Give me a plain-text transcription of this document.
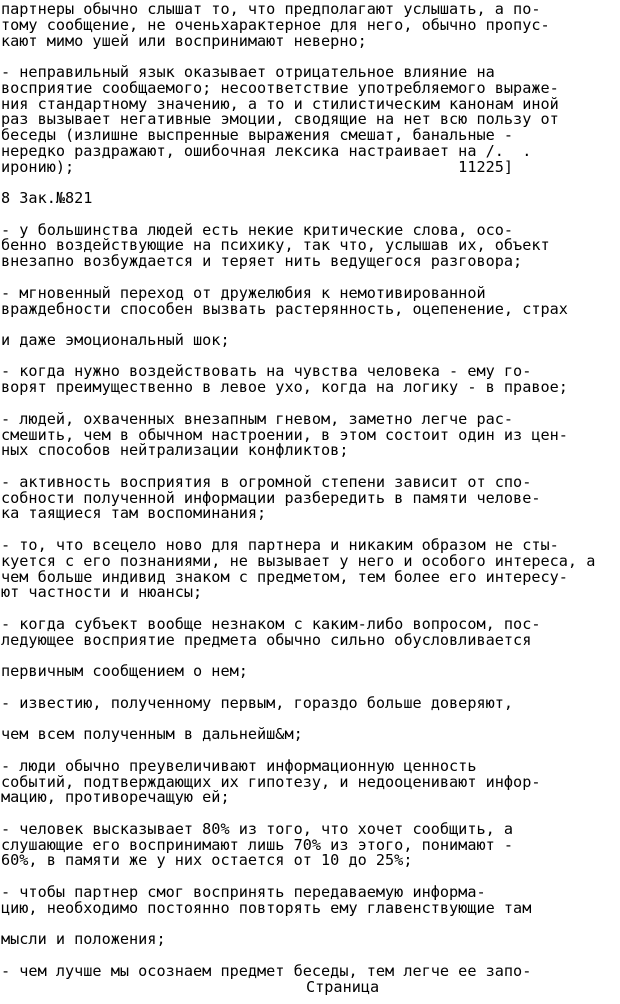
партнеры обычно слышат то, что предполагают услышать, а по-

тому сообщение, не оченьхарактерное для него, обычно пропус-

кают мимо ушей или воспринимают неверно;

- неправильный язык оказывает отрицательное влияние на

восприятие сообщаемого; несоответствие употребляемого выраже-

ния стандартному значению, а то и стилистическим канонам иной

раз вызывает негативные эмоции, сводящие на нет всю пользу от

беседы (излишне выспренные выражения смешат, банальные -

нередко раздражают, ошибочная лексика настраивает на /.  .

иронию);                                          11225]

8 Зак.№821

- у большинства людей есть некие критические слова, осо-

бенно воздействующие на психику, так что, услышав их, объект

внезапно возбуждается и теряет нить ведущегося разговора;

- мгновенный переход от дружелюбия к немотивированной

враждебности способен вызвать растерянность, оцепенение, страх

и даже эмоциональный шок;

- когда нужно воздействовать на чувства человека - ему го-

ворят преимущественно в левое ухо, когда на логику - в правое;

- людей, охваченных внезапным гневом, заметно легче рас-

смешить, чем в обычном настроении, в этом состоит один из цен-

ных способов нейтрализации конфликтов;

- активность восприятия в огромной степени зависит от спо-

собности полученной информации разбередить в памяти челове-

ка таящиеся там воспоминания;

- то, что всецело ново для партнера и никаким образом не сты-

куется с его познаниями, не вызывает у него и особого интереса, а

чем больше индивид знаком с предметом, тем более его интересу-

ют частности и нюансы;

- когда субъект вообще незнаком с каким-либо вопросом, пос-

ледующее восприятие предмета обычно сильно обусловливается

первичным сообщением о нем;

- известию, полученному первым, гораздо больше доверяют,

чем всем полученным в дальнейш&м;

- люди обычно преувеличивают информационную ценность

событий, подтверждающих их гипотезу, и недооценивают инфор-

мацию, противоречащую ей;

- человек высказывает 80% из того, что хочет сообщить, а

слушающие его воспринимают лишь 70% из этого, понимают -

60%, в памяти же у них остается от 10 до 25%;

- чтобы партнер смог воспринять передаваемую информа-

цию, необходимо постоянно повторять ему главенствующие там

мысли и положения;

- чем лучше мы осознаем предмет беседы, тем легче ее запо-

Страница
